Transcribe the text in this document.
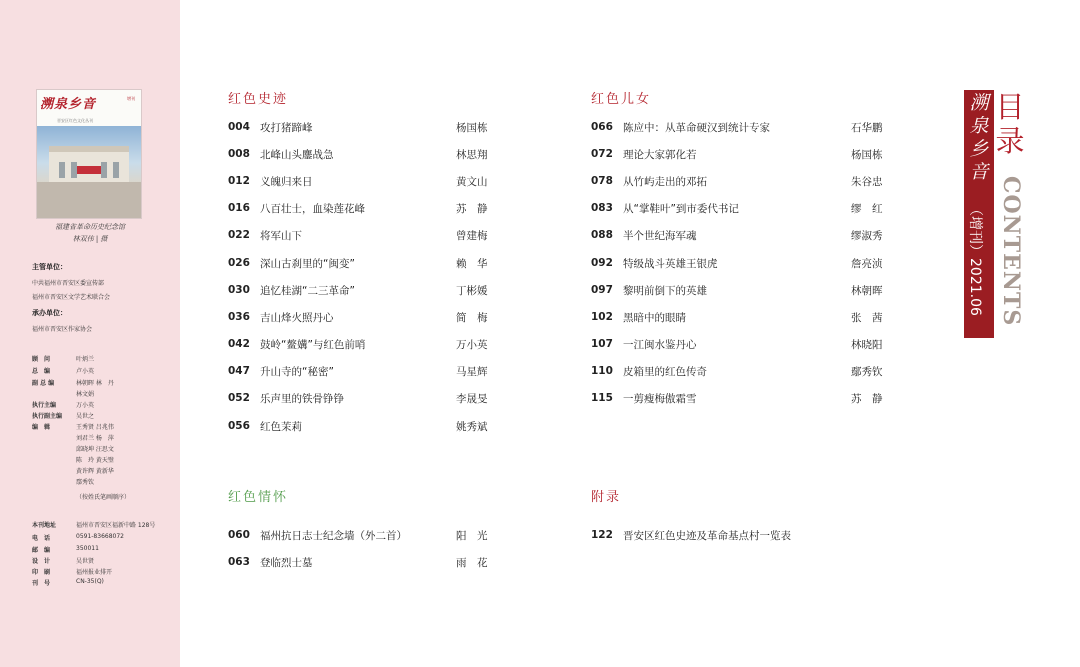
溯泉乡音	增刊
晋安区红色文化丛刊
福建省革命历史纪念馆
林双伟 | 摄
主管单位：
中共福州市晋安区委宣传部
福州市晋安区文学艺术联合会
承办单位：
福州市晋安区作家协会
顾　问	叶炳兰
总　编	卢小英
副 总 编	林朝晖 林　丹
林文娟
执行主编	万小英
执行副主编	吴世之
编　辑	王秀贤 吕兆伟
刘君兰 杨　萍
邱晓坤 汪思文
陈　玲 黄天璧
黄许辉 黄新华
鄢秀钦
（按姓氏笔画顺序）
本刊地址	福州市晋安区福新中路 128号
电　话	0591-83668072
邮　编	350011
设　计	吴世贤
印　刷	福州报业排开
刊　号	CN-35(Q)
红色史迹
004 攻打猪蹄峰	杨国栋
008 北峰山头鏖战急	林思翔
012 义魄归来日	黄文山
016 八百壮士，血染莲花峰	苏　静
022 将军山下	曾建梅
026 深山古刹里的“闽变”	赖　华
030 追忆桂湖“二三革命”	丁彬媛
036 吉山烽火照丹心	简　梅
042 鼓岭“鳌媾”与红色前哨	万小英
047 升山寺的“秘密”	马星辉
052 乐声里的铁骨铮铮	李晟旻
056 红色茉莉	姚秀斌
红色儿女
066 陈应中：从革命硬汉到统计专家	石华鹏
072 理论大家郭化若	杨国栋
078 从竹屿走出的邓拓	朱谷忠
083 从“掌鞋叶”到市委代书记	缪　红
088 半个世纪海军魂	缪淑秀
092 特级战斗英雄王银虎	詹亮浈
097 黎明前倒下的英雄	林朝晖
102 黑暗中的眼睛	张　茜
107 一江闽水鉴丹心	林晓阳
110 皮箱里的红色传奇	鄢秀钦
115 一剪瘦梅傲霜雪	苏　静
红色情怀
060 福州抗日志士纪念墙（外二首）	阳　光
063 登临烈士墓	雨　花
附录
122 晋安区红色史迹及革命基点村一览表
溯
泉
乡
音
（增刊）2021.06
目
录
CONTENTS
